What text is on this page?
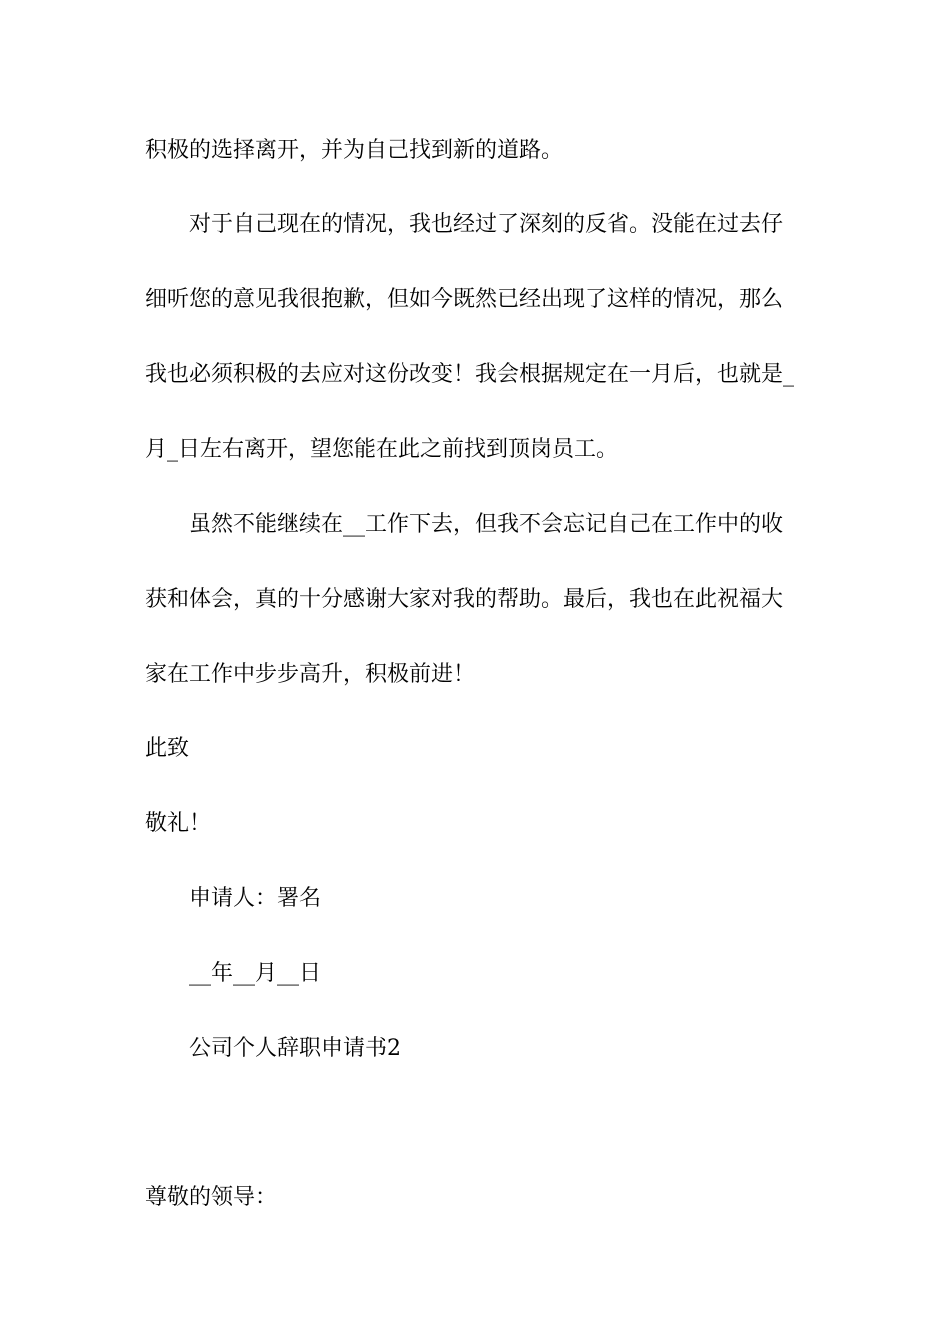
积极的选择离开，并为自己找到新的道路。
对于自己现在的情况，我也经过了深刻的反省。没能在过去仔
细听您的意见我很抱歉，但如今既然已经出现了这样的情况，那么
我也必须积极的去应对这份改变！我会根据规定在一月后，也就是_
月_日左右离开，望您能在此之前找到顶岗员工。
虽然不能继续在__工作下去，但我不会忘记自己在工作中的收
获和体会，真的十分感谢大家对我的帮助。最后，我也在此祝福大
家在工作中步步高升，积极前进！
此致
敬礼！
申请人：署名
__年__月__日
公司个人辞职申请书2
尊敬的领导：
